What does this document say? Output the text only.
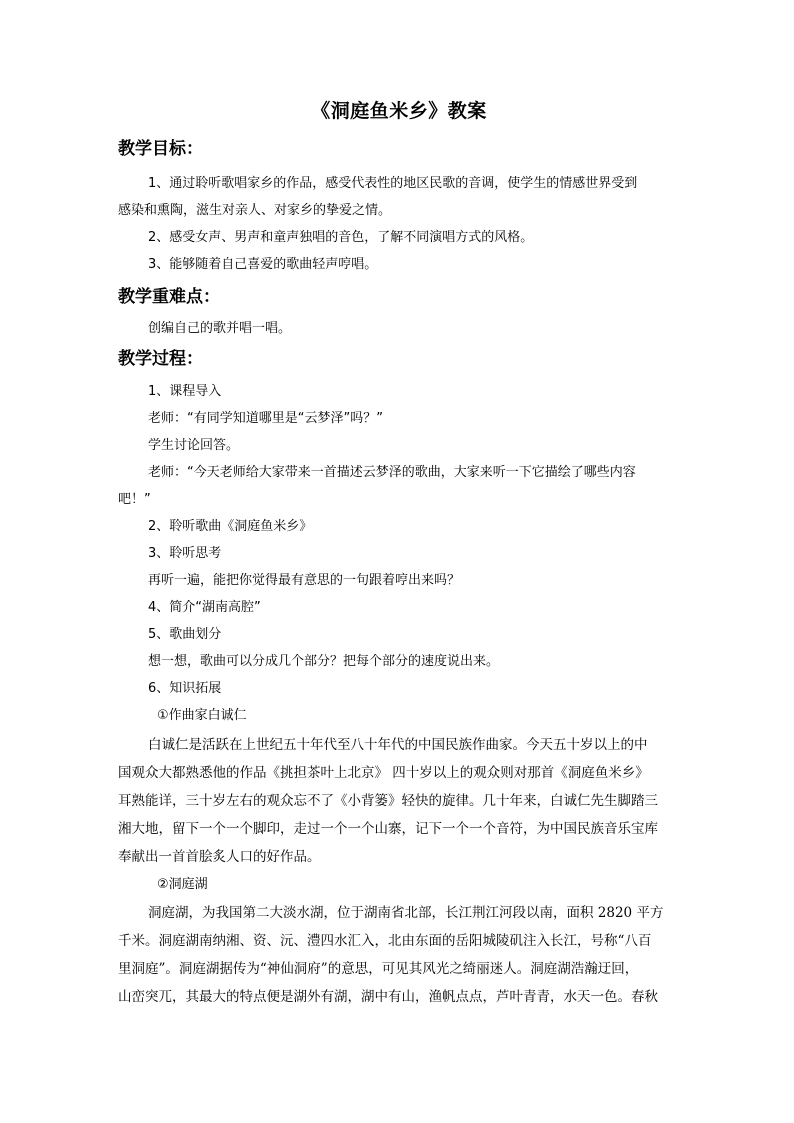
《洞庭鱼米乡》教案
教学目标：
1、通过聆听歌唱家乡的作品，感受代表性的地区民歌的音调，使学生的情感世界受到
感染和熏陶，滋生对亲人、对家乡的挚爱之情。
2、感受女声、男声和童声独唱的音色，了解不同演唱方式的风格。
3、能够随着自己喜爱的歌曲轻声哼唱。
教学重难点：
创编自己的歌并唱一唱。
教学过程：
1、课程导入
老师：“有同学知道哪里是“云梦泽”吗？”
学生讨论回答。
老师：“今天老师给大家带来一首描述云梦泽的歌曲，大家来听一下它描绘了哪些内容
吧！”
2、聆听歌曲《洞庭鱼米乡》
3、聆听思考
再听一遍，能把你觉得最有意思的一句跟着哼出来吗？
4、简介“湖南高腔”
5、歌曲划分
想一想，歌曲可以分成几个部分？把每个部分的速度说出来。
6、知识拓展
①作曲家白诚仁
白诚仁是活跃在上世纪五十年代至八十年代的中国民族作曲家。今天五十岁以上的中
国观众大都熟悉他的作品《挑担茶叶上北京》 四十岁以上的观众则对那首《洞庭鱼米乡》
耳熟能详，三十岁左右的观众忘不了《小背篓》轻快的旋律。几十年来，白诚仁先生脚踏三
湘大地，留下一个一个脚印，走过一个一个山寨，记下一个一个音符，为中国民族音乐宝库
奉献出一首首脍炙人口的好作品。
②洞庭湖
洞庭湖，为我国第二大淡水湖，位于湖南省北部，长江荆江河段以南，面积 2820 平方
千米。洞庭湖南纳湘、资、沅、澧四水汇入，北由东面的岳阳城陵矶注入长江，号称“八百
里洞庭”。洞庭湖据传为“神仙洞府”的意思，可见其风光之绮丽迷人。洞庭湖浩瀚迂回，
山峦突兀，其最大的特点便是湖外有湖，湖中有山，渔帆点点，芦叶青青，水天一色。春秋
